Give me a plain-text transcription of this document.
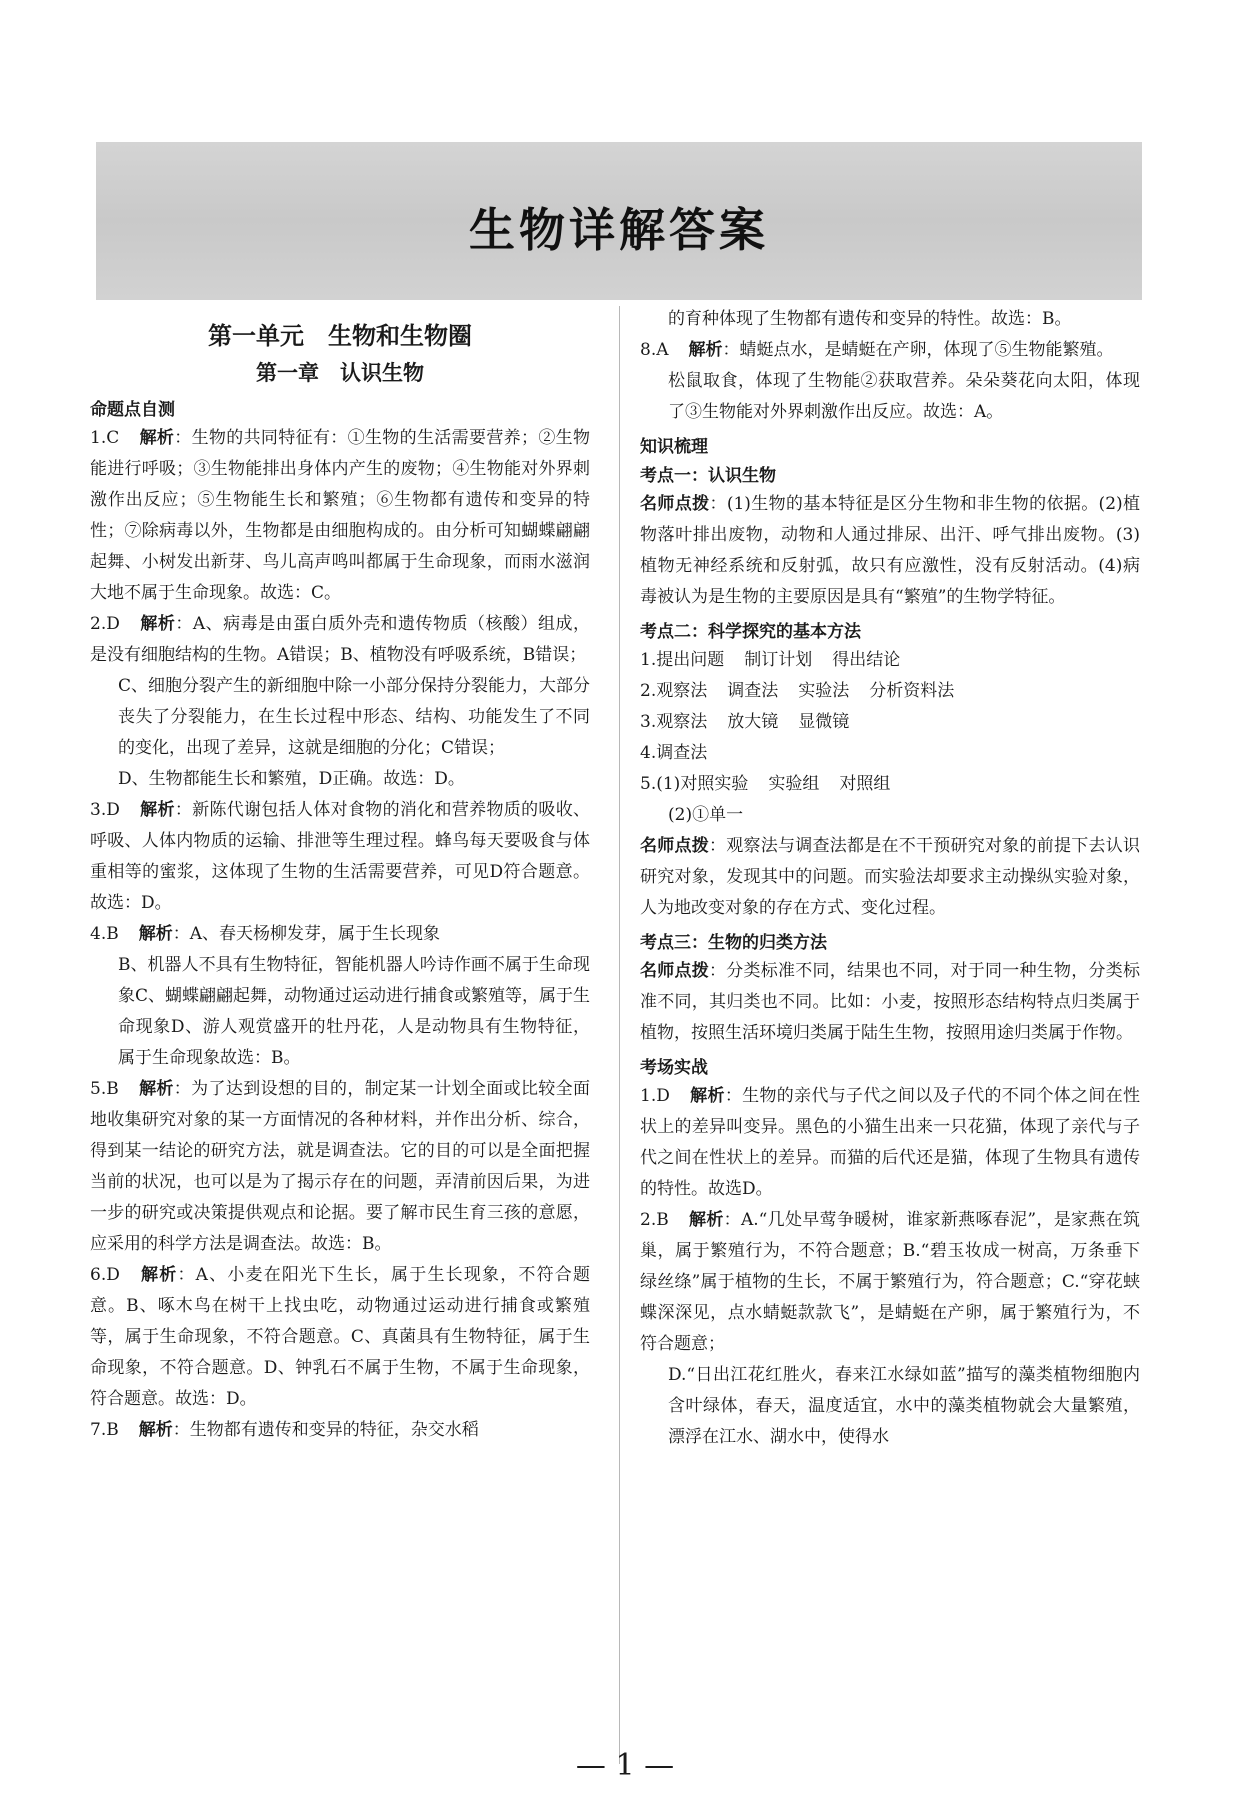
生物详解答案
第一单元　生物和生物圈
第一章　认识生物
命题点自测

1.C 解析：生物的共同特征有：①生物的生活需要营养；②生物能进行呼吸；③生物能排出身体内产生的废物；④生物能对外界刺激作出反应；⑤生物能生长和繁殖；⑥生物都有遗传和变异的特性；⑦除病毒以外，生物都是由细胞构成的。由分析可知蝴蝶翩翩起舞、小树发出新芽、鸟儿高声鸣叫都属于生命现象，而雨水滋润大地不属于生命现象。故选：C。

2.D 解析：A、病毒是由蛋白质外壳和遗传物质（核酸）组成，是没有细胞结构的生物。A错误；B、植物没有呼吸系统，B错误；

C、细胞分裂产生的新细胞中除一小部分保持分裂能力，大部分丧失了分裂能力，在生长过程中形态、结构、功能发生了不同的变化，出现了差异，这就是细胞的分化；C错误；

D、生物都能生长和繁殖，D正确。故选：D。

3.D 解析：新陈代谢包括人体对食物的消化和营养物质的吸收、呼吸、人体内物质的运输、排泄等生理过程。蜂鸟每天要吸食与体重相等的蜜浆，这体现了生物的生活需要营养，可见D符合题意。故选：D。

4.B 解析：A、春天杨柳发芽，属于生长现象

B、机器人不具有生物特征，智能机器人吟诗作画不属于生命现象C、蝴蝶翩翩起舞，动物通过运动进行捕食或繁殖等，属于生命现象D、游人观赏盛开的牡丹花，人是动物具有生物特征，属于生命现象故选：B。

5.B 解析：为了达到设想的目的，制定某一计划全面或比较全面地收集研究对象的某一方面情况的各种材料，并作出分析、综合，得到某一结论的研究方法，就是调查法。它的目的可以是全面把握当前的状况，也可以是为了揭示存在的问题，弄清前因后果，为进一步的研究或决策提供观点和论据。要了解市民生育三孩的意愿，应采用的科学方法是调查法。故选：B。

6.D 解析：A、小麦在阳光下生长，属于生长现象，不符合题意。B、啄木鸟在树干上找虫吃，动物通过运动进行捕食或繁殖等，属于生命现象，不符合题意。C、真菌具有生物特征，属于生命现象，不符合题意。D、钟乳石不属于生物，不属于生命现象，符合题意。故选：D。

7.B 解析：生物都有遗传和变异的特征，杂交水稻

的育种体现了生物都有遗传和变异的特性。故选：B。

8.A 解析：蜻蜓点水，是蜻蜓在产卵，体现了⑤生物能繁殖。

松鼠取食，体现了生物能②获取营养。朵朵葵花向太阳，体现了③生物能对外界刺激作出反应。故选：A。

知识梳理
考点一：认识生物

名师点拨：(1)生物的基本特征是区分生物和非生物的依据。(2)植物落叶排出废物，动物和人通过排尿、出汗、呼气排出废物。(3)植物无神经系统和反射弧，故只有应激性，没有反射活动。(4)病毒被认为是生物的主要原因是具有“繁殖”的生物学特征。

考点二：科学探究的基本方法

1.提出问题 制订计划 得出结论

2.观察法 调查法 实验法 分析资料法

3.观察法 放大镜 显微镜

4.调查法

5.(1)对照实验 实验组 对照组

(2)①单一

名师点拨：观察法与调查法都是在不干预研究对象的前提下去认识研究对象，发现其中的问题。而实验法却要求主动操纵实验对象，人为地改变对象的存在方式、变化过程。

考点三：生物的归类方法

名师点拨：分类标准不同，结果也不同，对于同一种生物，分类标准不同，其归类也不同。比如：小麦，按照形态结构特点归类属于植物，按照生活环境归类属于陆生生物，按照用途归类属于作物。

考场实战

1.D 解析：生物的亲代与子代之间以及子代的不同个体之间在性状上的差异叫变异。黑色的小猫生出来一只花猫，体现了亲代与子代之间在性状上的差异。而猫的后代还是猫，体现了生物具有遗传的特性。故选D。

2.B 解析：A.“几处早莺争暖树，谁家新燕啄春泥”，是家燕在筑巢，属于繁殖行为，不符合题意；B.“碧玉妆成一树高，万条垂下绿丝绦”属于植物的生长，不属于繁殖行为，符合题意；C.“穿花蛱蝶深深见，点水蜻蜓款款飞”，是蜻蜓在产卵，属于繁殖行为，不符合题意；

D.“日出江花红胜火，春来江水绿如蓝”描写的藻类植物细胞内含叶绿体，春天，温度适宜，水中的藻类植物就会大量繁殖，漂浮在江水、湖水中，使得水

— 1 —
